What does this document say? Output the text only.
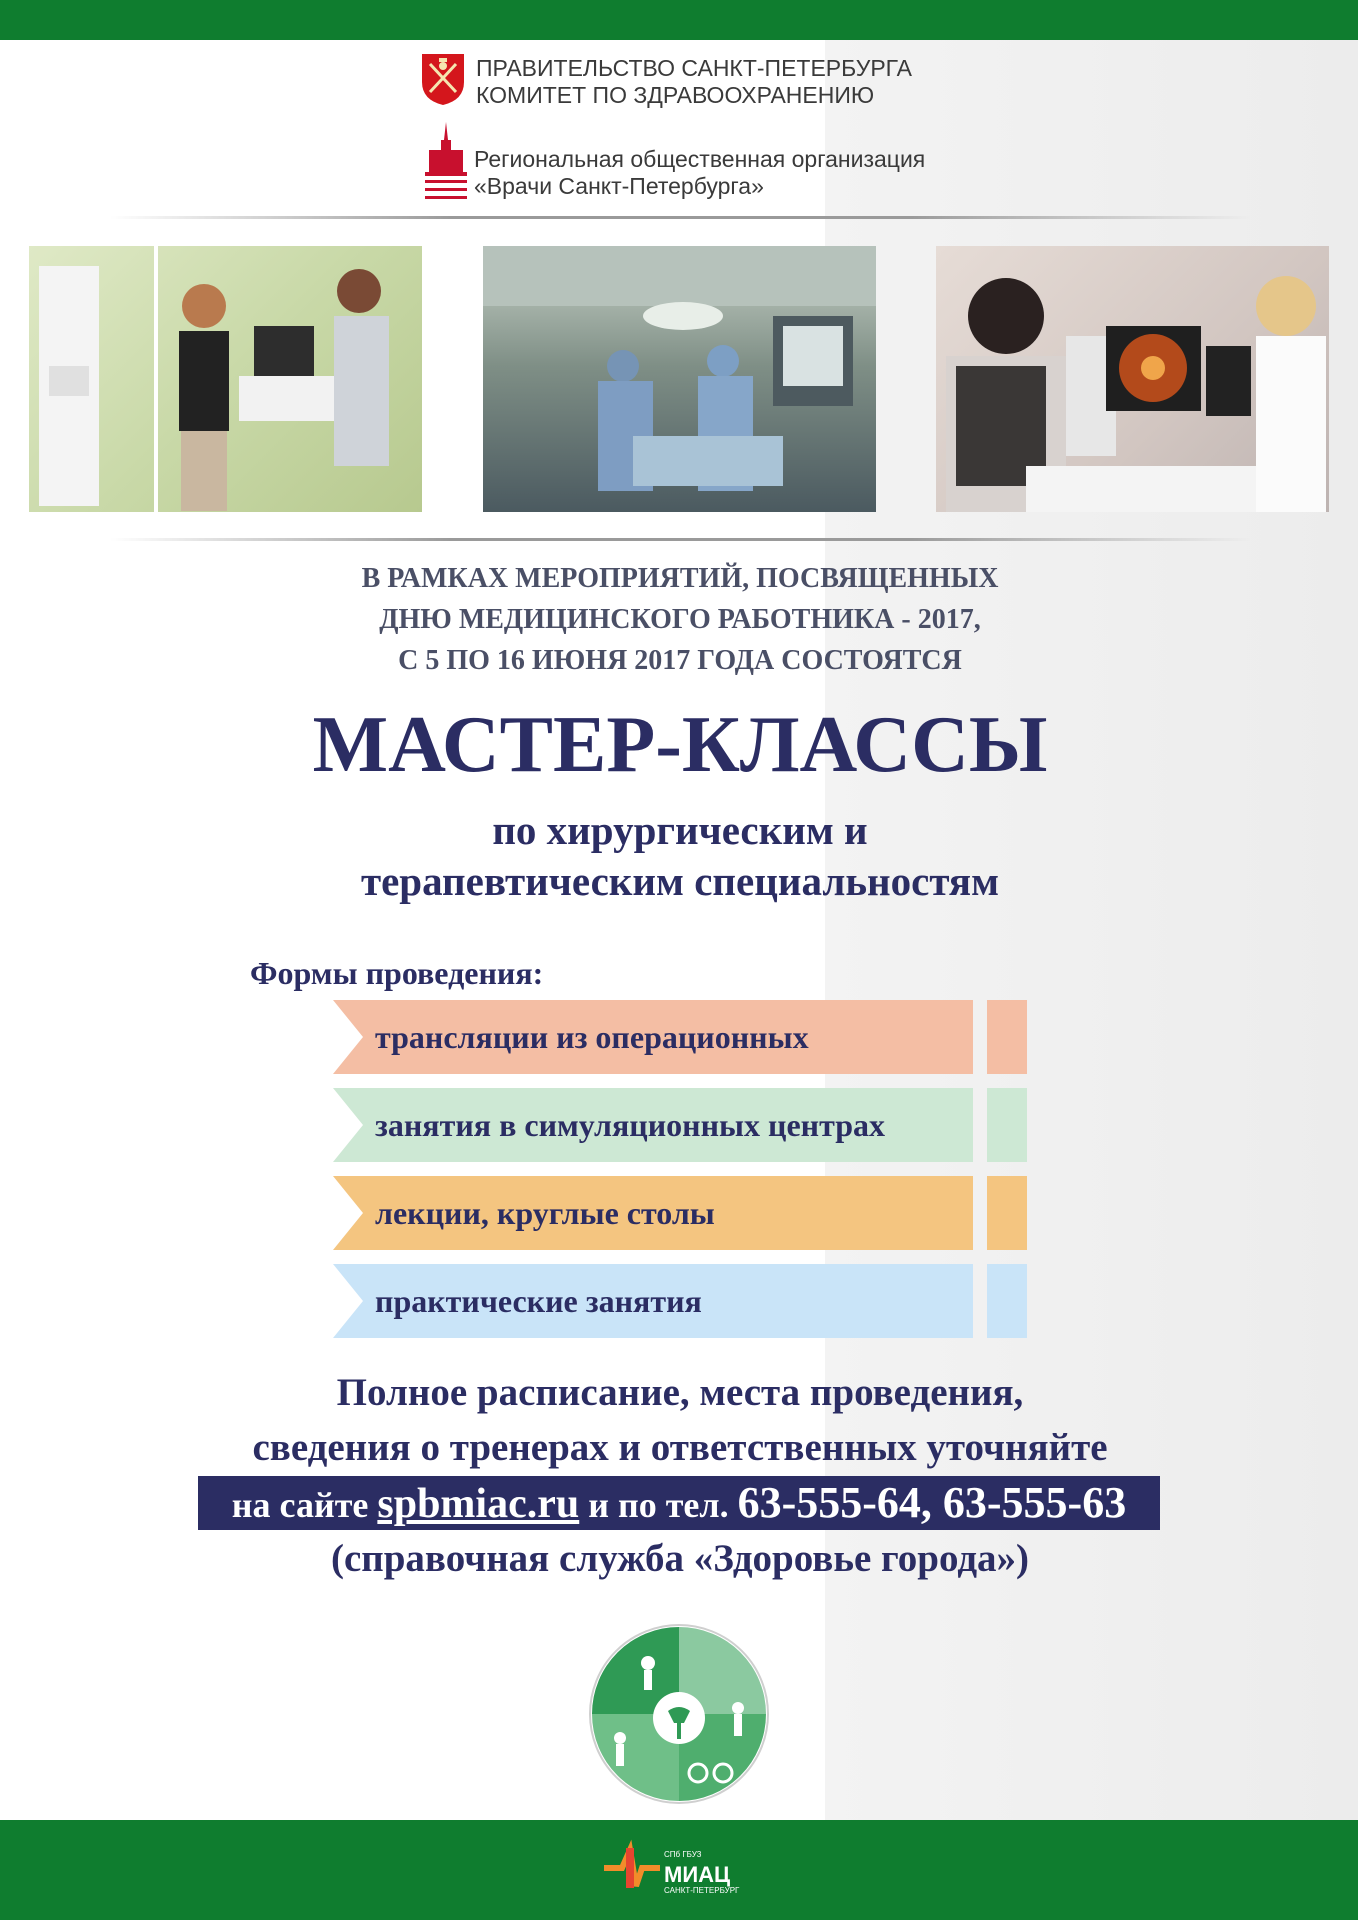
ПРАВИТЕЛЬСТВО САНКТ-ПЕТЕРБУРГА
КОМИТЕТ ПО ЗДРАВООХРАНЕНИЮ
Региональная общественная организация
«Врачи Санкт-Петербурга»
В РАМКАХ МЕРОПРИЯТИЙ, ПОСВЯЩЕННЫХ
ДНЮ МЕДИЦИНСКОГО РАБОТНИКА - 2017,
С 5 ПО 16 ИЮНЯ 2017 ГОДА СОСТОЯТСЯ
МАСТЕР-КЛАССЫ
по хирургическим и
терапевтическим специальностям
Формы проведения:
трансляции из операционных
занятия в симуляционных центрах
лекции, круглые столы
практические занятия
Полное расписание, места проведения,
сведения о тренерах и ответственных уточняйте
на сайте spbmiac.ru и по тел. 63-555-64, 63-555-63
(справочная служба «Здоровье города»)
СПб ГБУЗ
МИАЦ
САНКТ-ПЕТЕРБУРГ
